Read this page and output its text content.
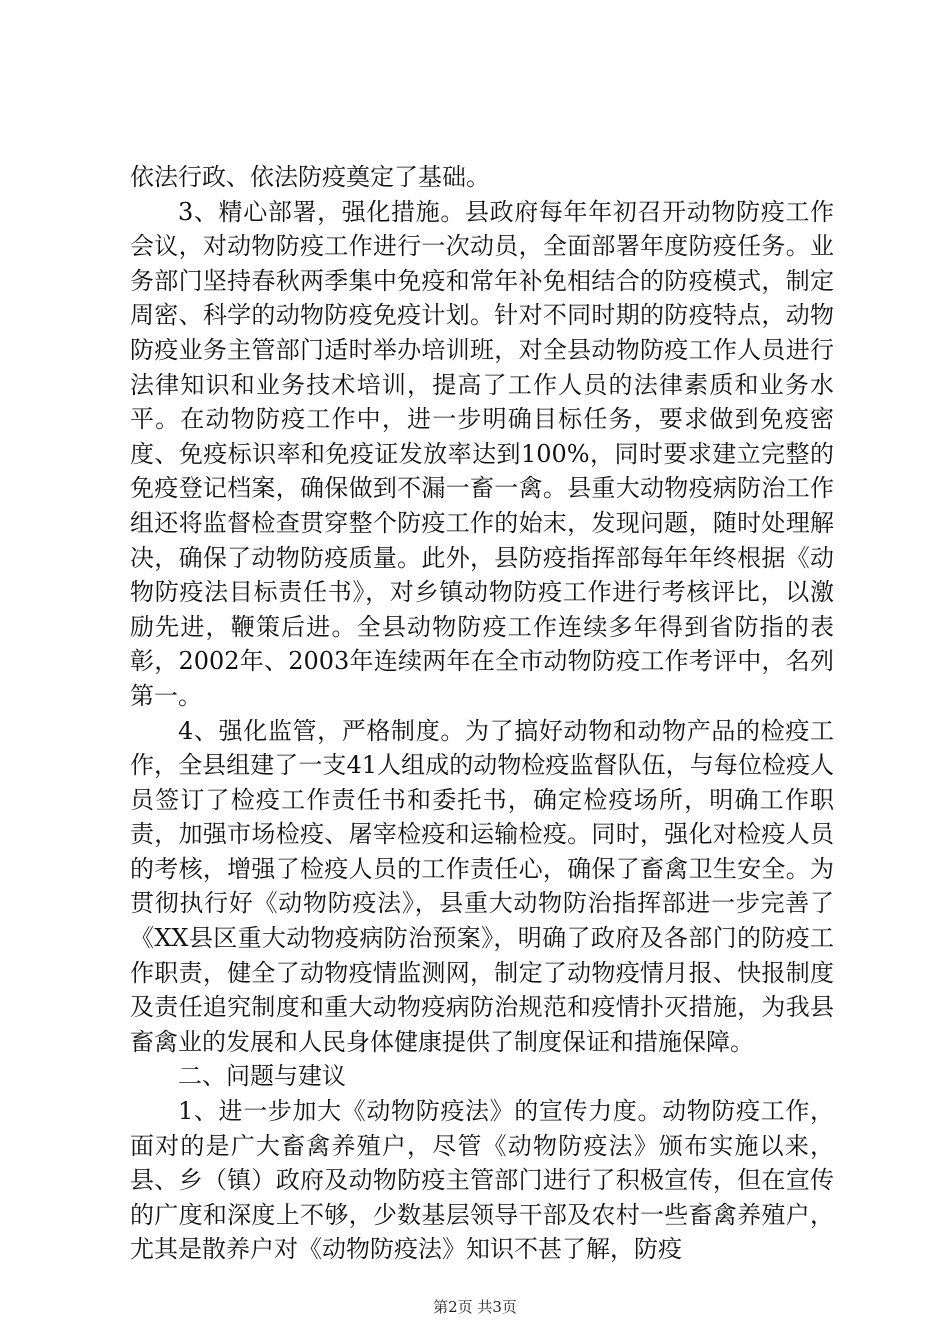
依法行政、依法防疫奠定了基础。

3、精心部署，强化措施。县政府每年年初召开动物防疫工作会议，对动物防疫工作进行一次动员，全面部署年度防疫任务。业务部门坚持春秋两季集中免疫和常年补免相结合的防疫模式，制定周密、科学的动物防疫免疫计划。针对不同时期的防疫特点，动物防疫业务主管部门适时举办培训班，对全县动物防疫工作人员进行法律知识和业务技术培训，提高了工作人员的法律素质和业务水平。在动物防疫工作中，进一步明确目标任务，要求做到免疫密度、免疫标识率和免疫证发放率达到100%，同时要求建立完整的免疫登记档案，确保做到不漏一畜一禽。县重大动物疫病防治工作组还将监督检查贯穿整个防疫工作的始末，发现问题，随时处理解决，确保了动物防疫质量。此外，县防疫指挥部每年年终根据《动物防疫法目标责任书》，对乡镇动物防疫工作进行考核评比，以激励先进，鞭策后进。全县动物防疫工作连续多年得到省防指的表彰，2002年、2003年连续两年在全市动物防疫工作考评中，名列第一。

4、强化监管，严格制度。为了搞好动物和动物产品的检疫工作，全县组建了一支41人组成的动物检疫监督队伍，与每位检疫人员签订了检疫工作责任书和委托书，确定检疫场所，明确工作职责，加强市场检疫、屠宰检疫和运输检疫。同时，强化对检疫人员的考核，增强了检疫人员的工作责任心，确保了畜禽卫生安全。为贯彻执行好《动物防疫法》，县重大动物防治指挥部进一步完善了《XX县区重大动物疫病防治预案》，明确了政府及各部门的防疫工作职责，健全了动物疫情监测网，制定了动物疫情月报、快报制度及责任追究制度和重大动物疫病防治规范和疫情扑灭措施，为我县畜禽业的发展和人民身体健康提供了制度保证和措施保障。

二、问题与建议

1、进一步加大《动物防疫法》的宣传力度。动物防疫工作，面对的是广大畜禽养殖户，尽管《动物防疫法》颁布实施以来，县、乡（镇）政府及动物防疫主管部门进行了积极宣传，但在宣传的广度和深度上不够，少数基层领导干部及农村一些畜禽养殖户，尤其是散养户对《动物防疫法》知识不甚了解，防疫

第2页 共3页
